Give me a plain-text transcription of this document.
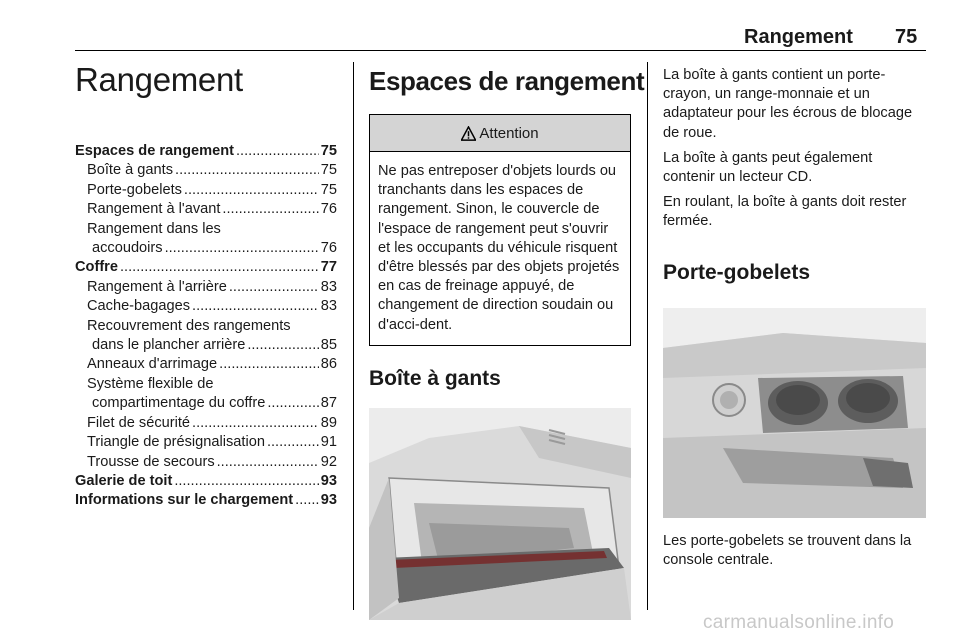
Rangement 75
Rangement
Espaces de rangement .....	75
Boîte à gants .....	75
Porte-gobelets .....	75
Rangement à l'avant .....	76
Rangement dans les
accoudoirs .....	76
Coffre .....	77
Rangement à l'arrière .....	83
Cache-bagages .....	83
Recouvrement des rangements
dans le plancher arrière .....	85
Anneaux d'arrimage .....	86
Système flexible de
compartimentage du coffre .....	87
Filet de sécurité .....	89
Triangle de présignalisation .....	91
Trousse de secours .....	92
Galerie de toit .....	93
Informations sur le chargement ..... 93
Espaces de rangement
Attention
Ne pas entreposer d'objets lourds ou tranchants dans les espaces de rangement. Sinon, le couvercle de l'espace de rangement peut s'ouvrir et les occupants du véhicule risquent d'être blessés par des objets projetés en cas de freinage appuyé, de changement de direction soudain ou d'acci-dent.
Boîte à gants

La boîte à gants contient un porte-crayon, un range-monnaie et un adaptateur pour les écrous de blocage de roue.

La boîte à gants peut également contenir un lecteur CD.

En roulant, la boîte à gants doit rester fermée.

Porte-gobelets

Les porte-gobelets se trouvent dans la console centrale.

carmanualsonline.info
